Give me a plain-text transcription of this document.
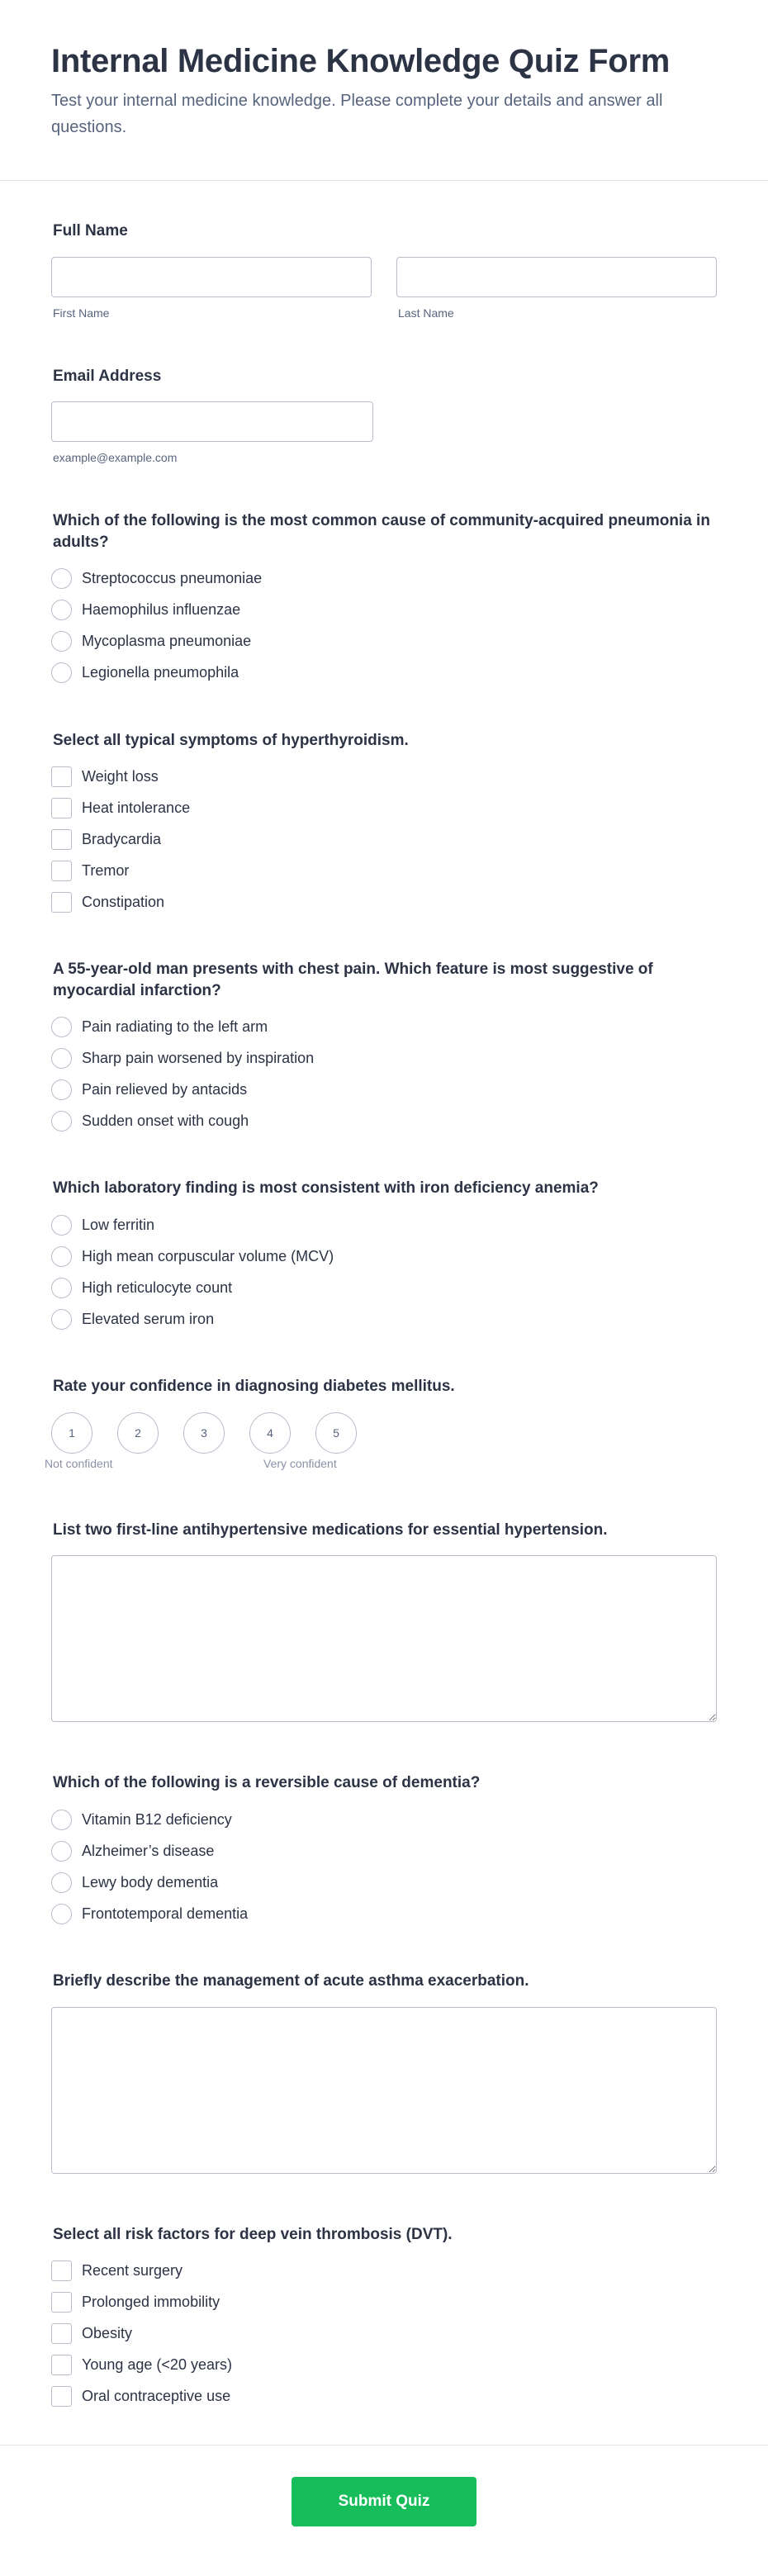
Internal Medicine Knowledge Quiz Form

Test your internal medicine knowledge. Please complete your details and answer all questions.

Full Name
First Name	Last Name
Email Address
example@example.com
Which of the following is the most common cause of community-acquired pneumonia in adults?
Streptococcus pneumoniae
Haemophilus influenzae
Mycoplasma pneumoniae
Legionella pneumophila
Select all typical symptoms of hyperthyroidism.
Weight loss
Heat intolerance
Bradycardia
Tremor
Constipation
A 55-year-old man presents with chest pain. Which feature is most suggestive of myocardial infarction?
Pain radiating to the left arm
Sharp pain worsened by inspiration
Pain relieved by antacids
Sudden onset with cough
Which laboratory finding is most consistent with iron deficiency anemia?
Low ferritin
High mean corpuscular volume (MCV)
High reticulocyte count
Elevated serum iron
Rate your confidence in diagnosing diabetes mellitus.
1	2	3	4	5
Not confident	Very confident
List two first-line antihypertensive medications for essential hypertension.
Which of the following is a reversible cause of dementia?
Vitamin B12 deficiency
Alzheimer’s disease
Lewy body dementia
Frontotemporal dementia
Briefly describe the management of acute asthma exacerbation.
Select all risk factors for deep vein thrombosis (DVT).
Recent surgery
Prolonged immobility
Obesity
Young age (<20 years)
Oral contraceptive use
Submit Quiz
